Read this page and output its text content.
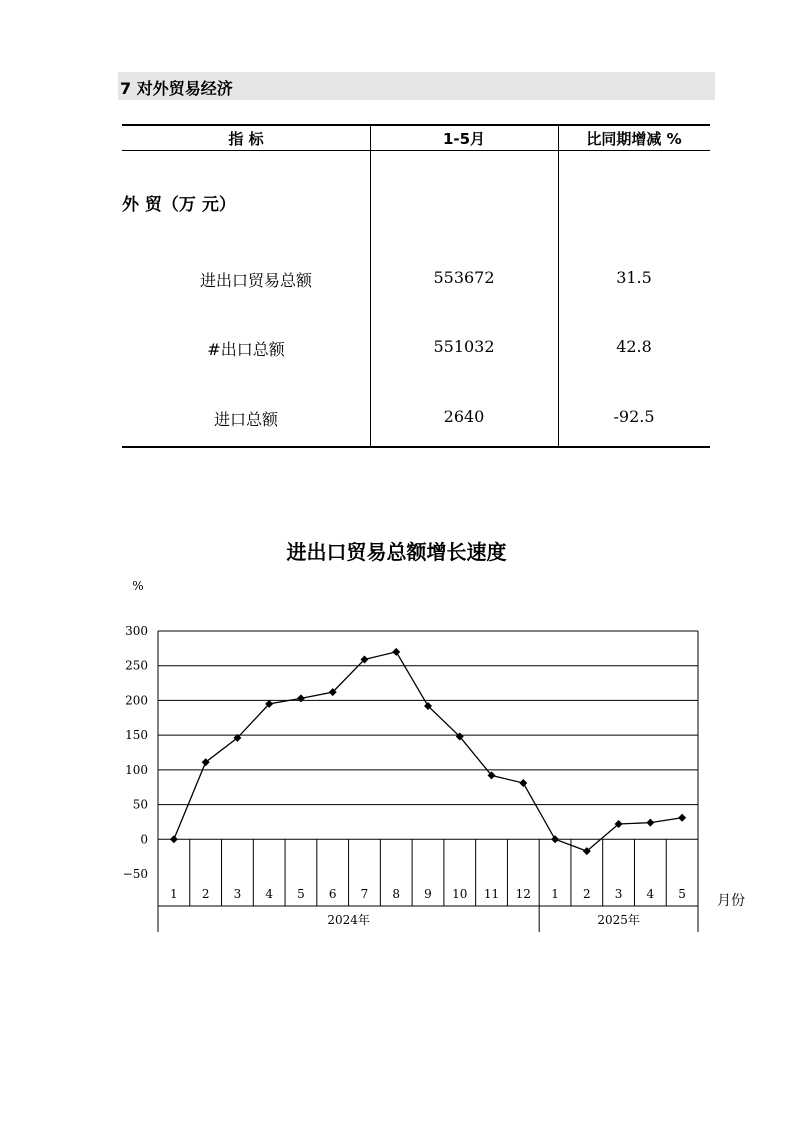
7 对外贸易经济
指 标	1-5月	比同期增减 %
外 贸（万 元）
进出口贸易总额	553672	31.5
#出口总额	551032	42.8
进口总额	2640	-92.5
进出口贸易总额增长速度
300
250
200
150
100
50
0
−50
1 2 3 4 5 6 7 8 9 10 11 12 1 2 3 4 5
2024年	2025年
%
月份
